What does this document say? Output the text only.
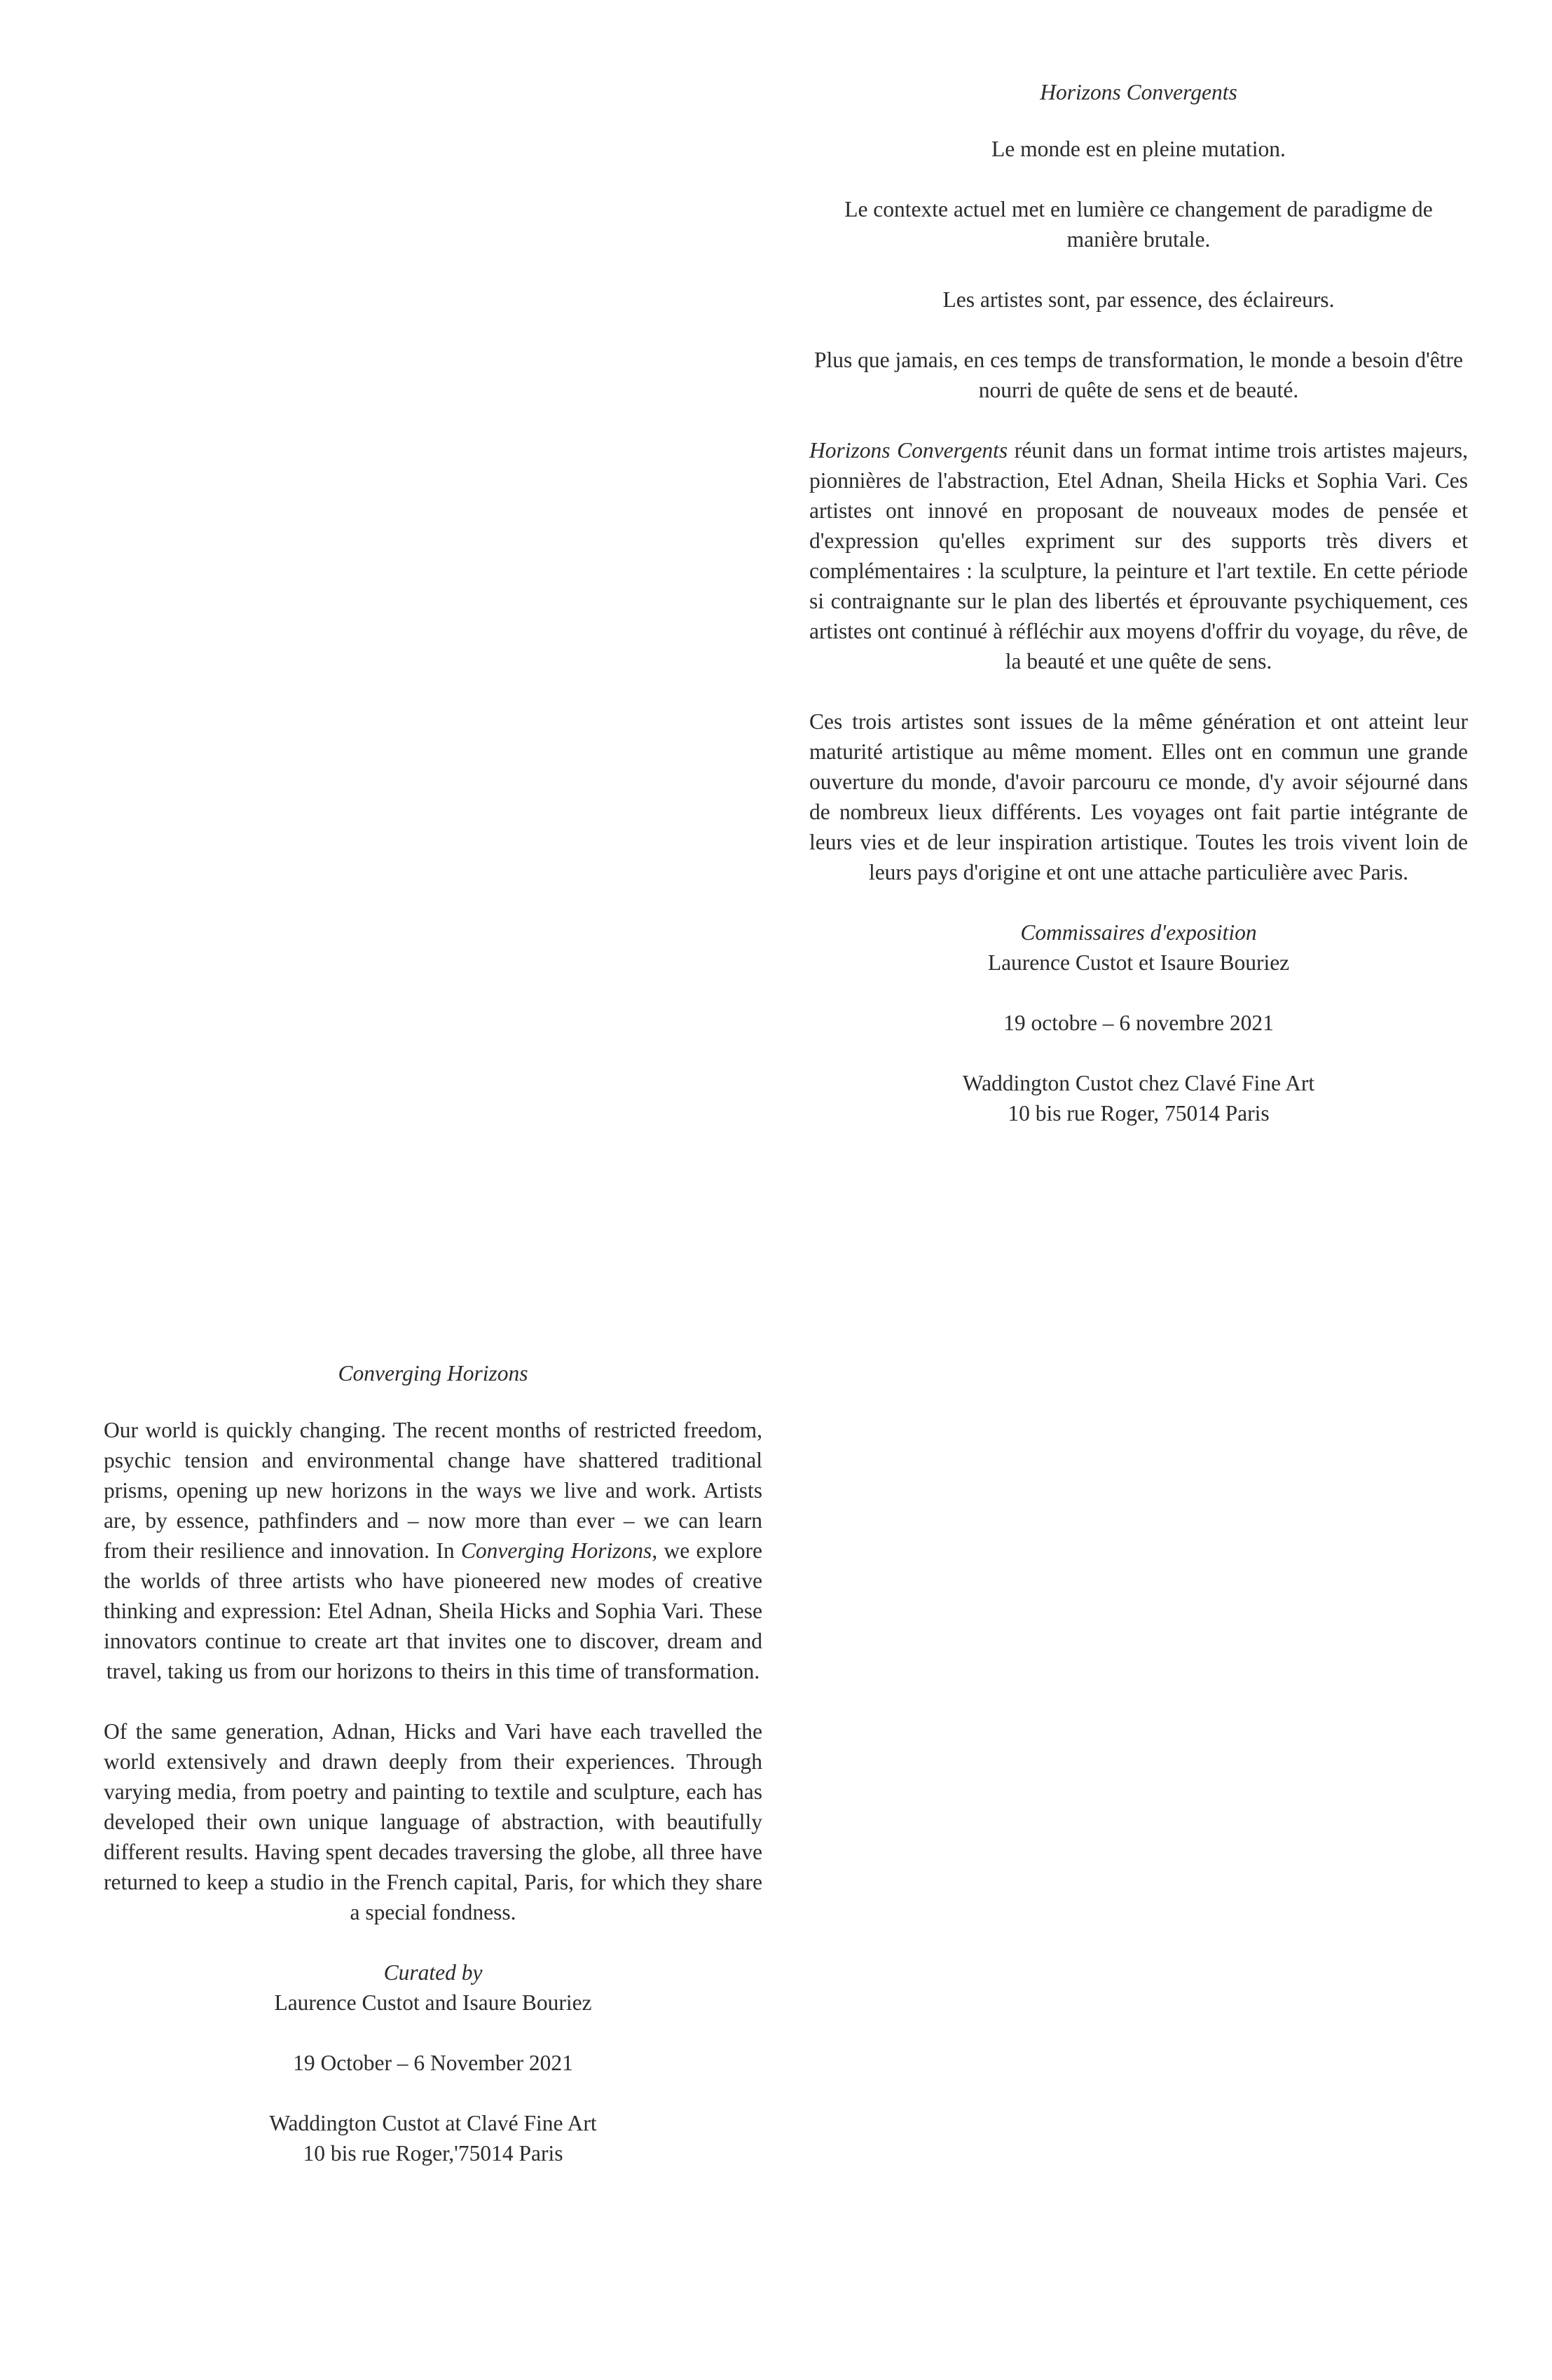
Horizons Convergents

Le monde est en pleine mutation.

Le contexte actuel met en lumière ce changement de paradigme de manière brutale.

Les artistes sont, par essence, des éclaireurs.

Plus que jamais, en ces temps de transformation, le monde a besoin d'être nourri de quête de sens et de beauté.

Horizons Convergents réunit dans un format intime trois artistes majeurs, pionnières de l'abstraction, Etel Adnan, Sheila Hicks et Sophia Vari. Ces artistes ont innové en proposant de nouveaux modes de pensée et d'expression qu'elles expriment sur des supports très divers et complémentaires : la sculpture, la peinture et l'art textile. En cette période si contraignante sur le plan des libertés et éprouvante psychiquement, ces artistes ont continué à réfléchir aux moyens d'offrir du voyage, du rêve, de la beauté et une quête de sens.

Ces trois artistes sont issues de la même génération et ont atteint leur maturité artistique au même moment. Elles ont en commun une grande ouverture du monde, d'avoir parcouru ce monde, d'y avoir séjourné dans de nombreux lieux différents. Les voyages ont fait partie intégrante de leurs vies et de leur inspiration artistique. Toutes les trois vivent loin de leurs pays d'origine et ont une attache particulière avec Paris.

Commissaires d'exposition
Laurence Custot et Isaure Bouriez

19 octobre – 6 novembre 2021

Waddington Custot chez Clavé Fine Art
10 bis rue Roger, 75014 Paris

Converging Horizons

Our world is quickly changing. The recent months of restricted freedom, psychic tension and environmental change have shattered traditional prisms, opening up new horizons in the ways we live and work. Artists are, by essence, pathfinders and – now more than ever – we can learn from their resilience and innovation. In Converging Horizons, we explore the worlds of three artists who have pioneered new modes of creative thinking and expression: Etel Adnan, Sheila Hicks and Sophia Vari. These innovators continue to create art that invites one to discover, dream and travel, taking us from our horizons to theirs in this time of transformation.

Of the same generation, Adnan, Hicks and Vari have each travelled the world extensively and drawn deeply from their experiences. Through varying media, from poetry and painting to textile and sculpture, each has developed their own unique language of abstraction, with beautifully different results. Having spent decades traversing the globe, all three have returned to keep a studio in the French capital, Paris, for which they share a special fondness.

Curated by
Laurence Custot and Isaure Bouriez

19 October – 6 November 2021

Waddington Custot at Clavé Fine Art
10 bis rue Roger,'75014 Paris
